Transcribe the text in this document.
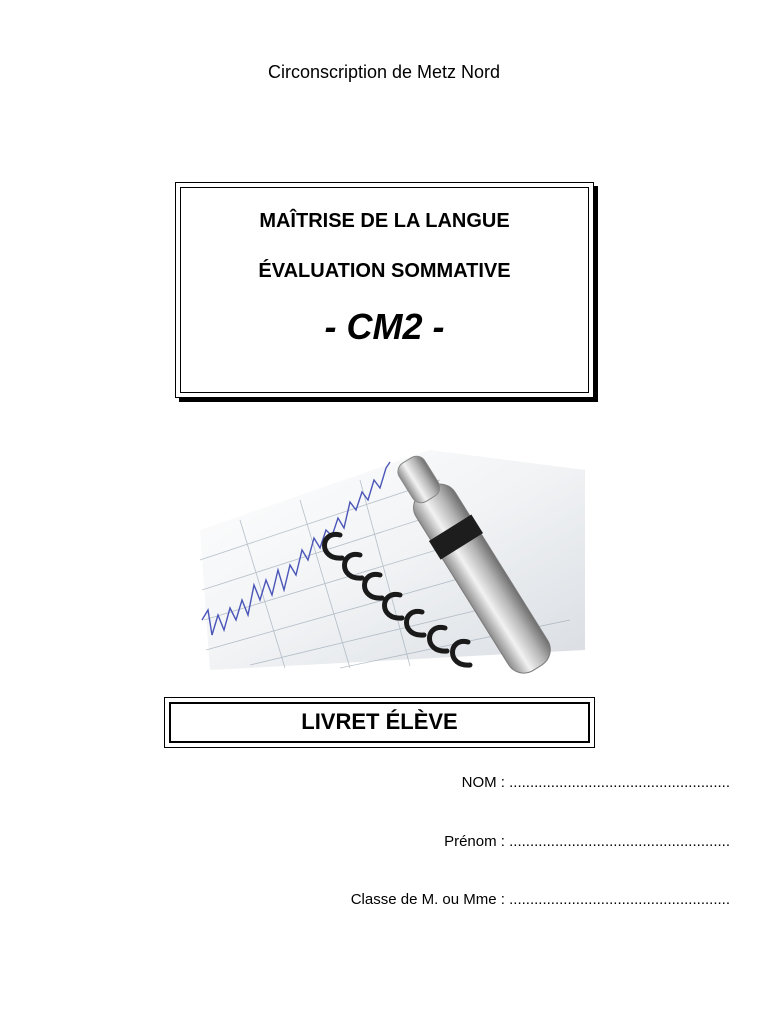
Circonscription de Metz Nord
MAÎTRISE DE LA LANGUE
ÉVALUATION SOMMATIVE
- CM2 -
LIVRET ÉLÈVE
NOM : .....................................................
Prénom : .....................................................
Classe de M. ou Mme : .....................................................
